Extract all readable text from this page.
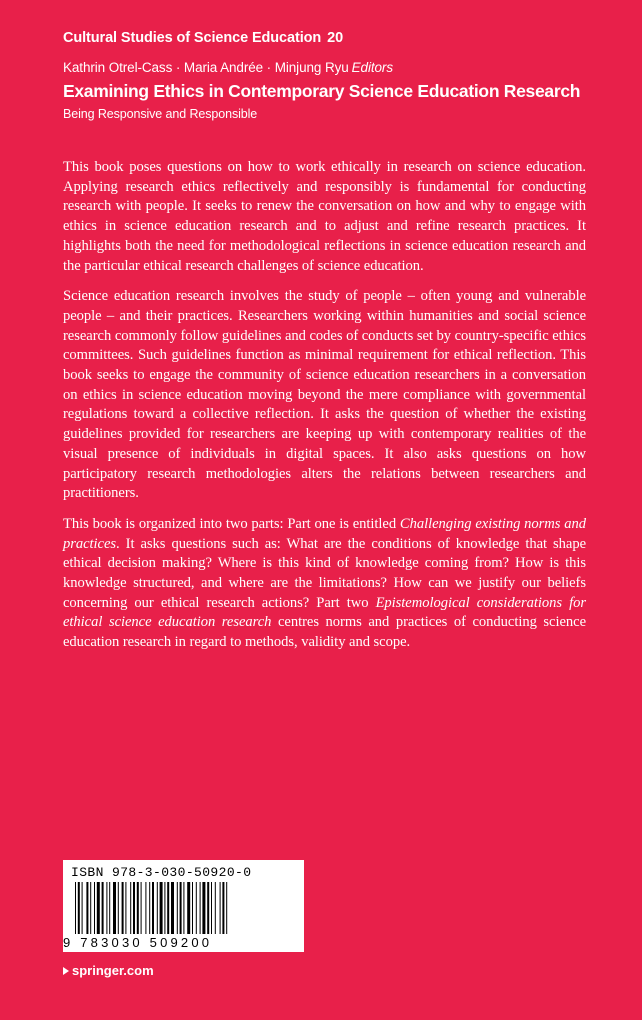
Cultural Studies of Science Education 20
Kathrin Otrel-Cass · Maria Andrée · Minjung Ryu Editors
Examining Ethics in Contemporary Science Education Research
Being Responsive and Responsible

This book poses questions on how to work ethically in research on science education. Applying research ethics reflectively and responsibly is fundamental for conducting research with people. It seeks to renew the conversation on how and why to engage with ethics in science education research and to adjust and refine research practices. It highlights both the need for methodological reflections in science education research and the particular ethical research challenges of science education.

Science education research involves the study of people – often young and vulnerable people – and their practices. Researchers working within humanities and social science research commonly follow guidelines and codes of conducts set by country-specific ethics committees. Such guidelines function as minimal requirement for ethical reflection. This book seeks to engage the community of science education researchers in a conversation on ethics in science education moving beyond the mere compliance with governmental regulations toward a collective reflection. It asks the question of whether the existing guidelines provided for researchers are keeping up with contemporary realities of the visual presence of individuals in digital spaces. It also asks questions on how participatory research methodologies alters the relations between researchers and practitioners.

This book is organized into two parts: Part one is entitled Challenging existing norms and practices. It asks questions such as: What are the conditions of knowledge that shape ethical decision making? Where is this kind of knowledge coming from? How is this knowledge structured, and where are the limitations? How can we justify our beliefs concerning our ethical research actions? Part two Epistemological considerations for ethical science education research centres norms and practices of conducting science education research in regard to methods, validity and scope.

ISBN 978-3-030-50920-0
9 783030 509200
springer.com
